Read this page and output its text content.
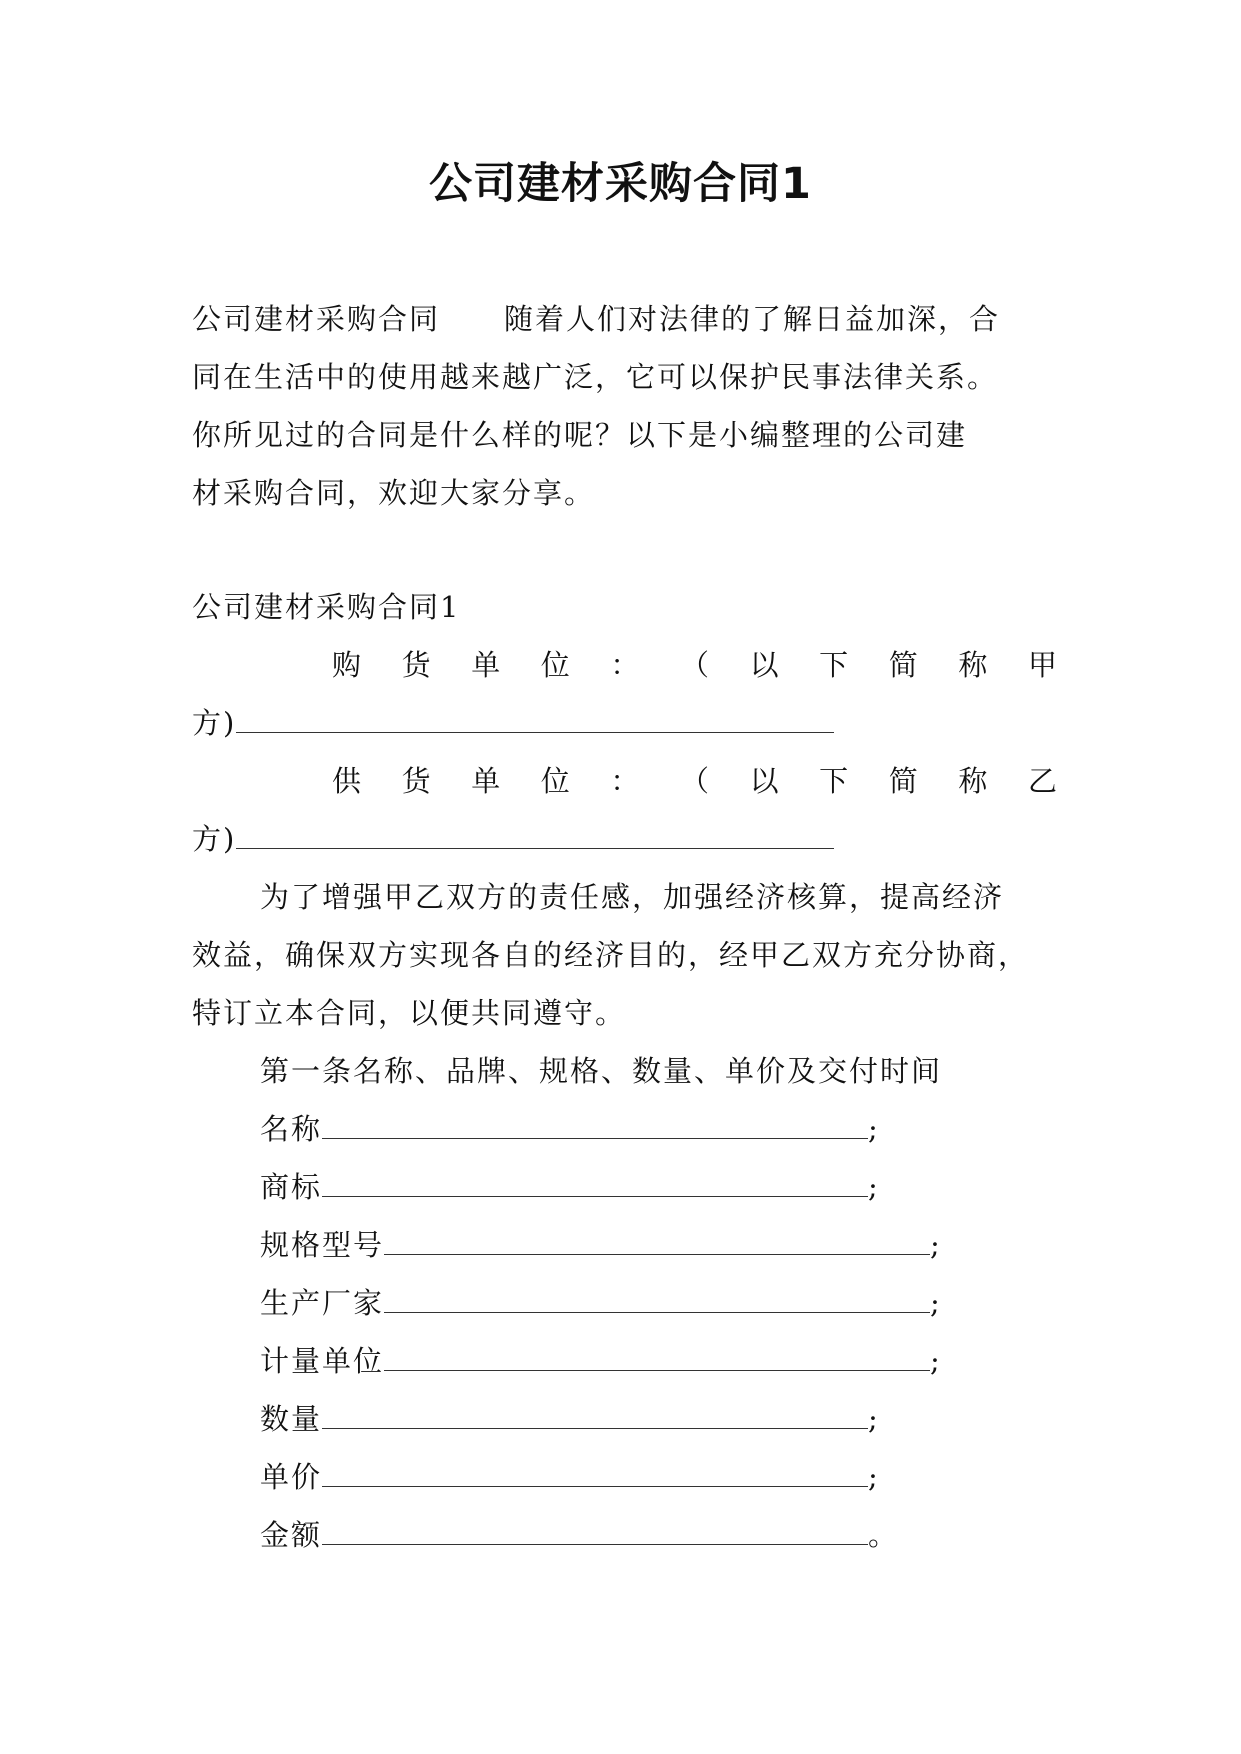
公司建材采购合同1

公司建材采购合同 随着人们对法律的了解日益加深，合

同在生活中的使用越来越广泛，它可以保护民事法律关系。

你所见过的合同是什么样的呢？以下是小编整理的公司建

材采购合同，欢迎大家分享。

公司建材采购合同1

购 货 单 位 ： （ 以 下 简 称 甲

方)

供 货 单 位 ： （ 以 下 简 称 乙

方)

为了增强甲乙双方的责任感，加强经济核算，提高经济

效益，确保双方实现各自的经济目的，经甲乙双方充分协商，

特订立本合同，以便共同遵守。

第一条名称、品牌、规格、数量、单价及交付时间

名称	;

商标	;

规格型号	;

生产厂家	;

计量单位	;

数量	;

单价	;

金额	。
